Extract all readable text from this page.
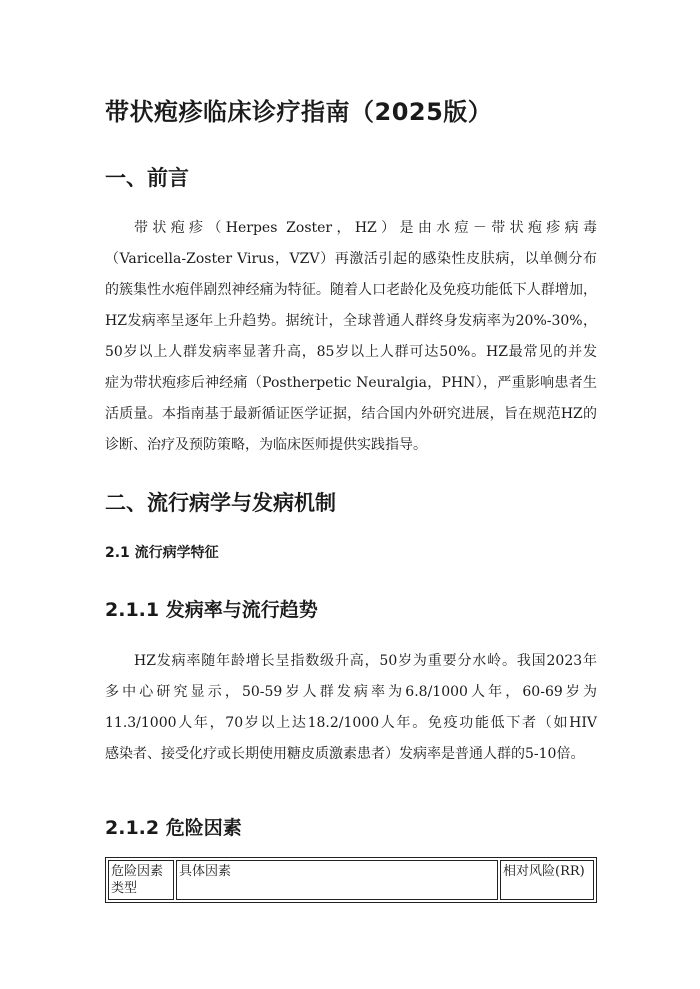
带状疱疹临床诊疗指南（2025版）
一、前言
带状疱疹（Herpes Zoster，HZ）是由水痘－带状疱疹病毒
（Varicella-Zoster Virus，VZV）再激活引起的感染性皮肤病，以单侧分布
的簇集性水疱伴剧烈神经痛为特征。随着人口老龄化及免疫功能低下人群增加，
HZ发病率呈逐年上升趋势。据统计，全球普通人群终身发病率为20%-30%，
50岁以上人群发病率显著升高，85岁以上人群可达50%。HZ最常见的并发
症为带状疱疹后神经痛（Postherpetic Neuralgia，PHN），严重影响患者生
活质量。本指南基于最新循证医学证据，结合国内外研究进展，旨在规范HZ的
诊断、治疗及预防策略，为临床医师提供实践指导。
二、流行病学与发病机制
2.1 流行病学特征
2.1.1 发病率与流行趋势
HZ发病率随年龄增长呈指数级升高，50岁为重要分水岭。我国2023年
多中心研究显示，50-59岁人群发病率为6.8/1000人年，60-69岁为
11.3/1000人年，70岁以上达18.2/1000人年。免疫功能低下者（如HIV
感染者、接受化疗或长期使用糖皮质激素患者）发病率是普通人群的5-10倍。
2.1.2 危险因素
危险因素类型	具体因素	相对风险(RR)
